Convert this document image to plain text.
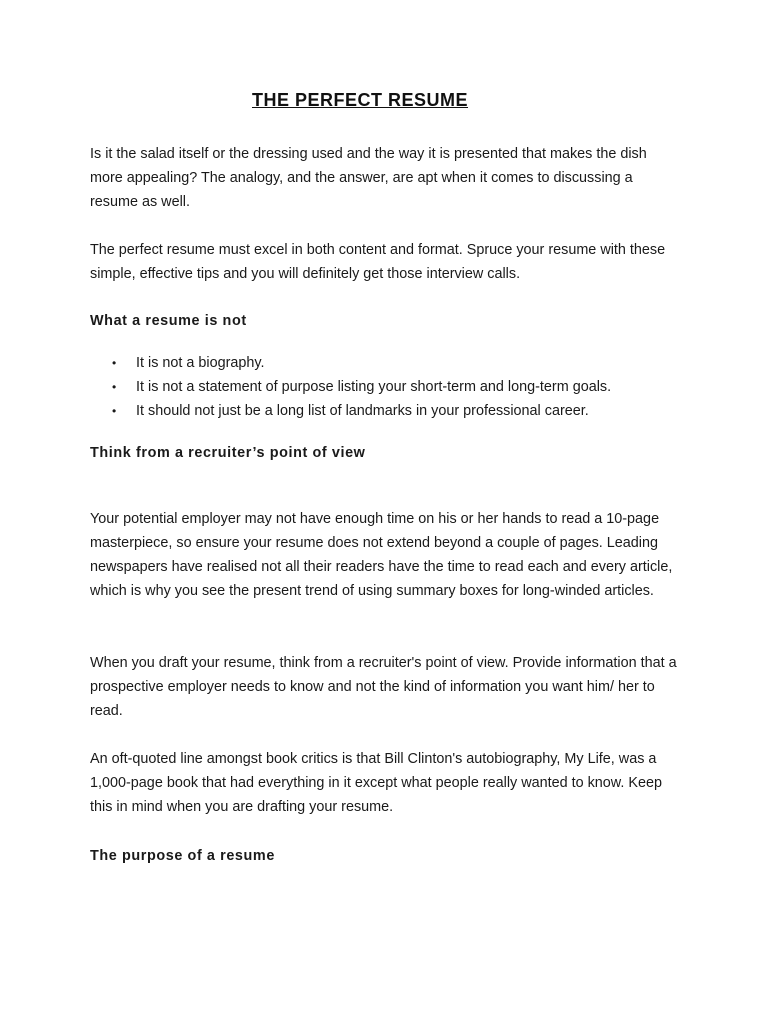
THE PERFECT RESUME

Is it the salad itself or the dressing used and the way it is presented that makes the dish more appealing? The analogy, and the answer, are apt when it comes to discussing a resume as well.

The perfect resume must excel in both content and format. Spruce your resume with these simple, effective tips and you will definitely get those interview calls.

What a resume is not
• It is not a biography.
• It is not a statement of purpose listing your short-term and long-term goals.
• It should not just be a long list of landmarks in your professional career.
Think from a recruiter’s point of view

Your potential employer may not have enough time on his or her hands to read a 10-page masterpiece, so ensure your resume does not extend beyond a couple of pages. Leading newspapers have realised not all their readers have the time to read each and every article, which is why you see the present trend of using summary boxes for long-winded articles.

When you draft your resume, think from a recruiter's point of view. Provide information that a prospective employer needs to know and not the kind of information you want him/ her to read.

An oft-quoted line amongst book critics is that Bill Clinton's autobiography, My Life, was a 1,000-page book that had everything in it except what people really wanted to know. Keep this in mind when you are drafting your resume.

The purpose of a resume
